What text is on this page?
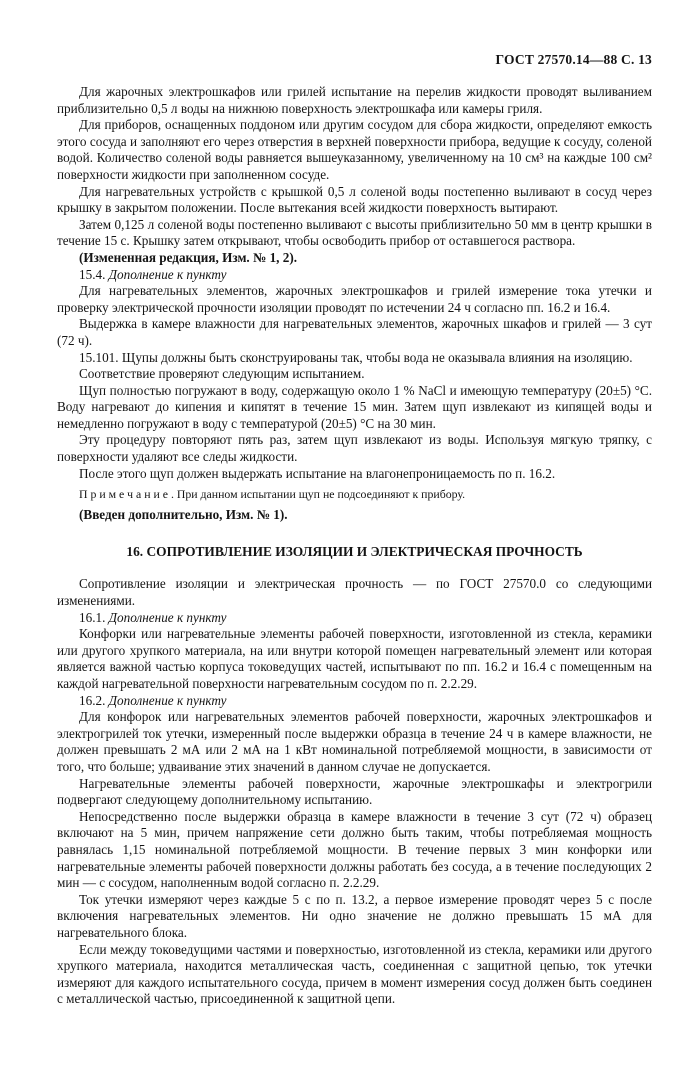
ГОСТ 27570.14—88 С. 13

Для жарочных электрошкафов или грилей испытание на перелив жидкости проводят выливанием приблизительно 0,5 л воды на нижнюю поверхность электрошкафа или камеры гриля.

Для приборов, оснащенных поддоном или другим сосудом для сбора жидкости, определяют емкость этого сосуда и заполняют его через отверстия в верхней поверхности прибора, ведущие к сосуду, соленой водой. Количество соленой воды равняется вышеуказанному, увеличенному на 10 см³ на каждые 100 см² поверхности жидкости при заполненном сосуде.

Для нагревательных устройств с крышкой 0,5 л соленой воды постепенно выливают в сосуд через крышку в закрытом положении. После вытекания всей жидкости поверхность вытирают.

Затем 0,125 л соленой воды постепенно выливают с высоты приблизительно 50 мм в центр крышки в течение 15 с. Крышку затем открывают, чтобы освободить прибор от оставшегося раствора.

(Измененная редакция, Изм. № 1, 2).

15.4. Дополнение к пункту

Для нагревательных элементов, жарочных электрошкафов и грилей измерение тока утечки и проверку электрической прочности изоляции проводят по истечении 24 ч согласно пп. 16.2 и 16.4.

Выдержка в камере влажности для нагревательных элементов, жарочных шкафов и грилей — 3 сут (72 ч).

15.101. Щупы должны быть сконструированы так, чтобы вода не оказывала влияния на изоляцию.

Соответствие проверяют следующим испытанием.

Щуп полностью погружают в воду, содержащую около 1 % NaCl и имеющую температуру (20±5) °С. Воду нагревают до кипения и кипятят в течение 15 мин. Затем щуп извлекают из кипящей воды и немедленно погружают в воду с температурой (20±5) °С на 30 мин.

Эту процедуру повторяют пять раз, затем щуп извлекают из воды. Используя мягкую тряпку, с поверхности удаляют все следы жидкости.

После этого щуп должен выдержать испытание на влагонепроницаемость по п. 16.2.

П р и м е ч а н и е . При данном испытании щуп не подсоединяют к прибору.

(Введен дополнительно, Изм. № 1).

16. СОПРОТИВЛЕНИЕ ИЗОЛЯЦИИ И ЭЛЕКТРИЧЕСКАЯ ПРОЧНОСТЬ

Сопротивление изоляции и электрическая прочность — по ГОСТ 27570.0 со следующими изменениями.

16.1. Дополнение к пункту

Конфорки или нагревательные элементы рабочей поверхности, изготовленной из стекла, керамики или другого хрупкого материала, на или внутри которой помещен нагревательный элемент или которая является важной частью корпуса токоведущих частей, испытывают по пп. 16.2 и 16.4 с помещенным на каждой нагревательной поверхности нагревательным сосудом по п. 2.2.29.

16.2. Дополнение к пункту

Для конфорок или нагревательных элементов рабочей поверхности, жарочных электрошкафов и электрогрилей ток утечки, измеренный после выдержки образца в течение 24 ч в камере влажности, не должен превышать 2 мА или 2 мА на 1 кВт номинальной потребляемой мощности, в зависимости от того, что больше; удваивание этих значений в данном случае не допускается.

Нагревательные элементы рабочей поверхности, жарочные электрошкафы и электрогрили подвергают следующему дополнительному испытанию.

Непосредственно после выдержки образца в камере влажности в течение 3 сут (72 ч) образец включают на 5 мин, причем напряжение сети должно быть таким, чтобы потребляемая мощность равнялась 1,15 номинальной потребляемой мощности. В течение первых 3 мин конфорки или нагревательные элементы рабочей поверхности должны работать без сосуда, а в течение последующих 2 мин — с сосудом, наполненным водой согласно п. 2.2.29.

Ток утечки измеряют через каждые 5 с по п. 13.2, а первое измерение проводят через 5 с после включения нагревательных элементов. Ни одно значение не должно превышать 15 мА для нагревательного блока.

Если между токоведущими частями и поверхностью, изготовленной из стекла, керамики или другого хрупкого материала, находится металлическая часть, соединенная с защитной цепью, ток утечки измеряют для каждого испытательного сосуда, причем в момент измерения сосуд должен быть соединен с металлической частью, присоединенной к защитной цепи.
